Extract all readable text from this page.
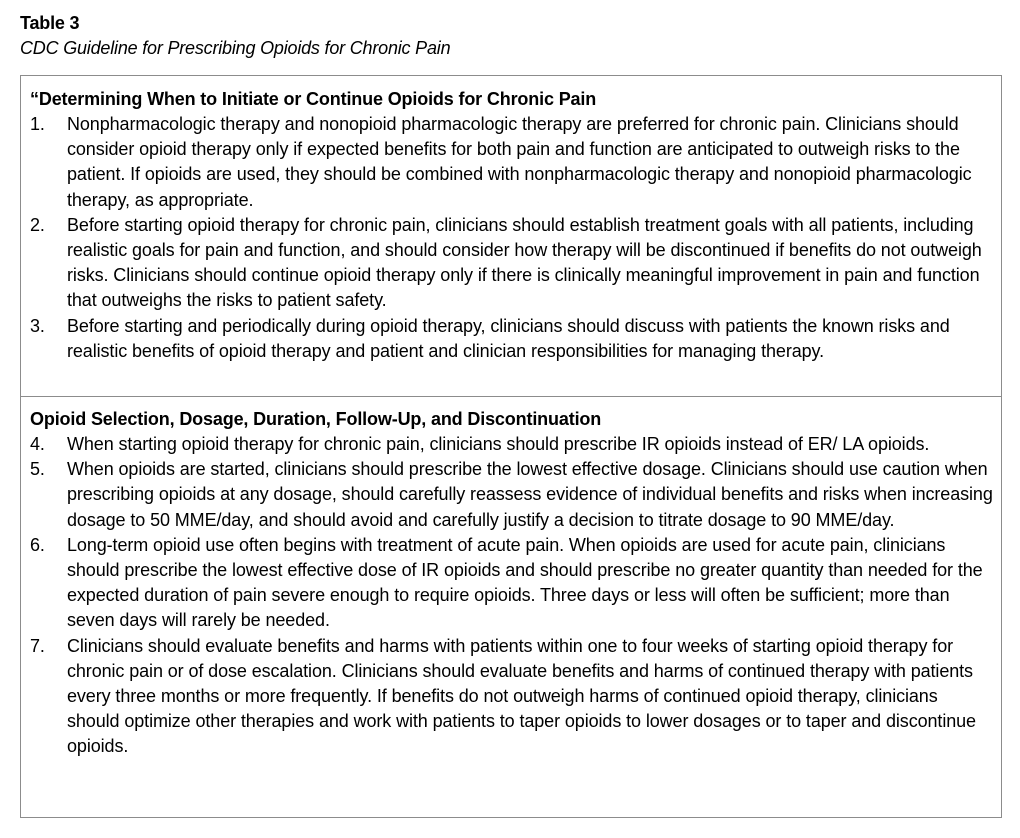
Table 3
CDC Guideline for Prescribing Opioids for Chronic Pain
“Determining When to Initiate or Continue Opioids for Chronic Pain
1.	Nonpharmacologic therapy and nonopioid pharmacologic therapy are preferred for chronic pain. Clinicians should consider opioid therapy only if expected benefits for both pain and function are anticipated to outweigh risks to the patient. If opioids are used, they should be combined with nonpharmacologic therapy and nonopioid pharmacologic therapy, as appropriate.
2.	Before starting opioid therapy for chronic pain, clinicians should establish treatment goals with all patients, including realistic goals for pain and function, and should consider how therapy will be discontinued if benefits do not outweigh risks. Clinicians should continue opioid therapy only if there is clinically meaningful improvement in pain and function that outweighs the risks to patient safety.
3.	Before starting and periodically during opioid therapy, clinicians should discuss with patients the known risks and realistic benefits of opioid therapy and patient and clinician responsibilities for managing therapy.
Opioid Selection, Dosage, Duration, Follow-Up, and Discontinuation
4.	When starting opioid therapy for chronic pain, clinicians should prescribe IR opioids instead of ER/ LA opioids.
5.	When opioids are started, clinicians should prescribe the lowest effective dosage. Clinicians should use caution when prescribing opioids at any dosage, should carefully reassess evidence of individual benefits and risks when increasing dosage to 50 MME/day, and should avoid and carefully justify a decision to titrate dosage to 90 MME/day.
6.	Long-term opioid use often begins with treatment of acute pain. When opioids are used for acute pain, clinicians should prescribe the lowest effective dose of IR opioids and should prescribe no greater quantity than needed for the expected duration of pain severe enough to require opioids. Three days or less will often be sufficient; more than seven days will rarely be needed.
7.	Clinicians should evaluate benefits and harms with patients within one to four weeks of starting opioid therapy for chronic pain or of dose escalation. Clinicians should evaluate benefits and harms of continued therapy with patients every three months or more frequently. If benefits do not outweigh harms of continued opioid therapy, clinicians should optimize other therapies and work with patients to taper opioids to lower dosages or to taper and discontinue opioids.
